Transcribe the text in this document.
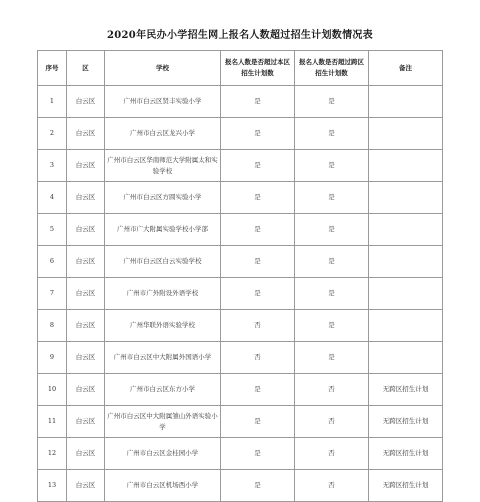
2020年民办小学招生网上报名人数超过招生计划数情况表
序号	区	学校	报名人数是否超过本区招生计划数	报名人数是否超过跨区招生计划数	备注
1	白云区	广州市白云区贤丰实验小学	是	是	
2	白云区	广州市白云区龙兴小学	是	是	
3	白云区	广州市白云区华南师范大学附属太和实验学校	是	是	
4	白云区	广州市白云区方圆实验小学	是	是	
5	白云区	广州市广大附属实验学校小学部	是	是	
6	白云区	广州市白云区白云实验学校	是	是	
7	白云区	广州市广外附设外语学校	是	是	
8	白云区	广州华联外语实验学校	否	是	
9	白云区	广州市白云区中大附属外国语小学	否	是	
10	白云区	广州市白云区东方小学	是	否	无跨区招生计划
11	白云区	广州市白云区中大附属雏山外语实验小学	是	否	无跨区招生计划
12	白云区	广州市白云区金桂园小学	是	否	无跨区招生计划
13	白云区	广州市白云区机场西小学	是	否	无跨区招生计划
